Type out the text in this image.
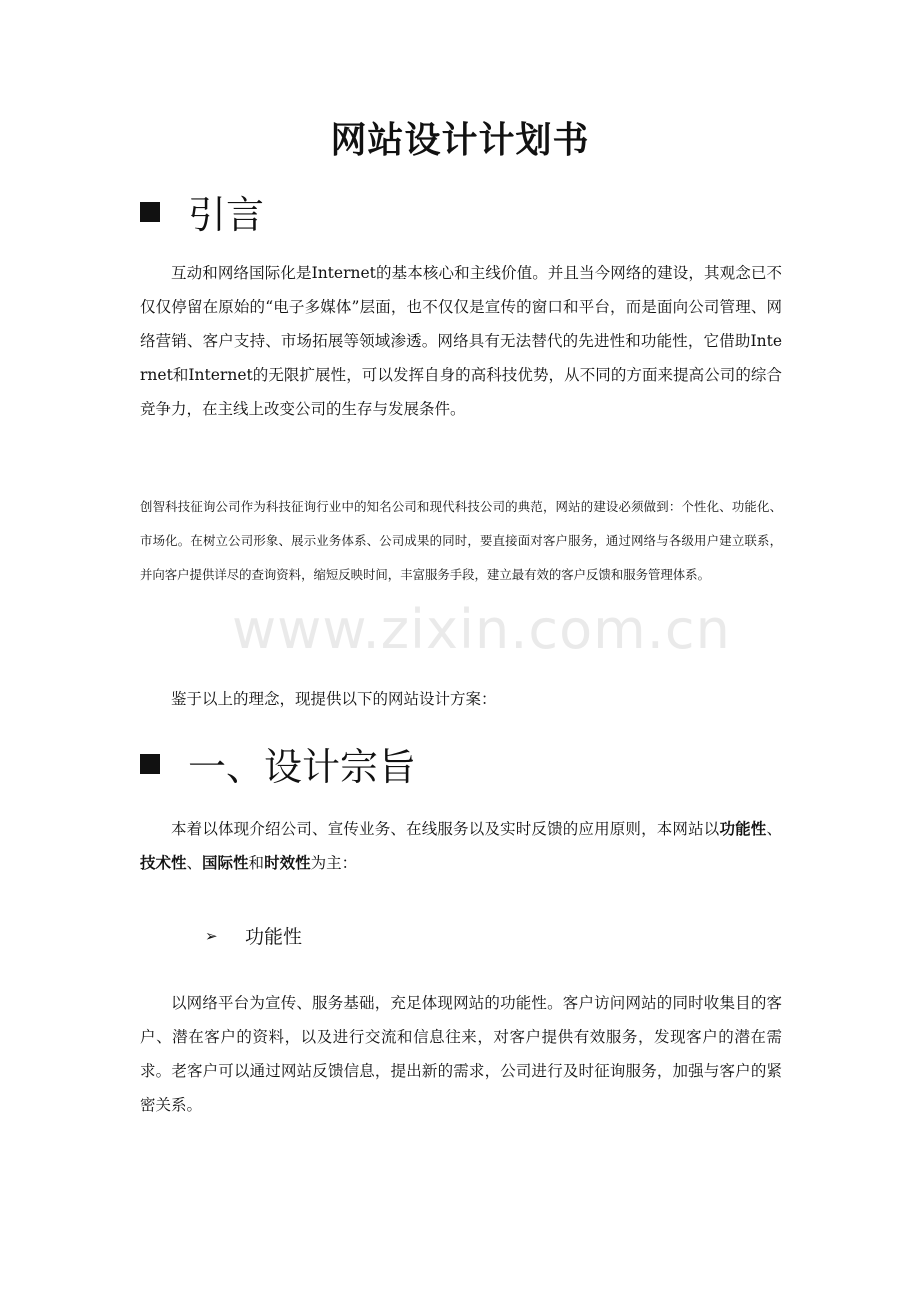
网站设计计划书
引言

互动和网络国际化是Internet的基本核心和主线价值。并且当今网络的建设，其观念已不仅仅停留在原始的“电子多媒体”层面，也不仅仅是宣传的窗口和平台，而是面向公司管理、网络营销、客户支持、市场拓展等领域渗透。网络具有无法替代的先进性和功能性，它借助Internet和Internet的无限扩展性，可以发挥自身的高科技优势，从不同的方面来提高公司的综合竞争力，在主线上改变公司的生存与发展条件。

创智科技征询公司作为科技征询行业中的知名公司和现代科技公司的典范，网站的建设必须做到：个性化、功能化、市场化。在树立公司形象、展示业务体系、公司成果的同时，要直接面对客户服务，通过网络与各级用户建立联系，并向客户提供详尽的查询资料，缩短反映时间，丰富服务手段，建立最有效的客户反馈和服务管理体系。

www.zixin.com.cn

鉴于以上的理念，现提供以下的网站设计方案：

一、设计宗旨

本着以体现介绍公司、宣传业务、在线服务以及实时反馈的应用原则，本网站以功能性、技术性、国际性和时效性为主：

➢	功能性

以网络平台为宣传、服务基础，充足体现网站的功能性。客户访问网站的同时收集目的客户、潜在客户的资料，以及进行交流和信息往来，对客户提供有效服务，发现客户的潜在需求。老客户可以通过网站反馈信息，提出新的需求，公司进行及时征询服务，加强与客户的紧密关系。
